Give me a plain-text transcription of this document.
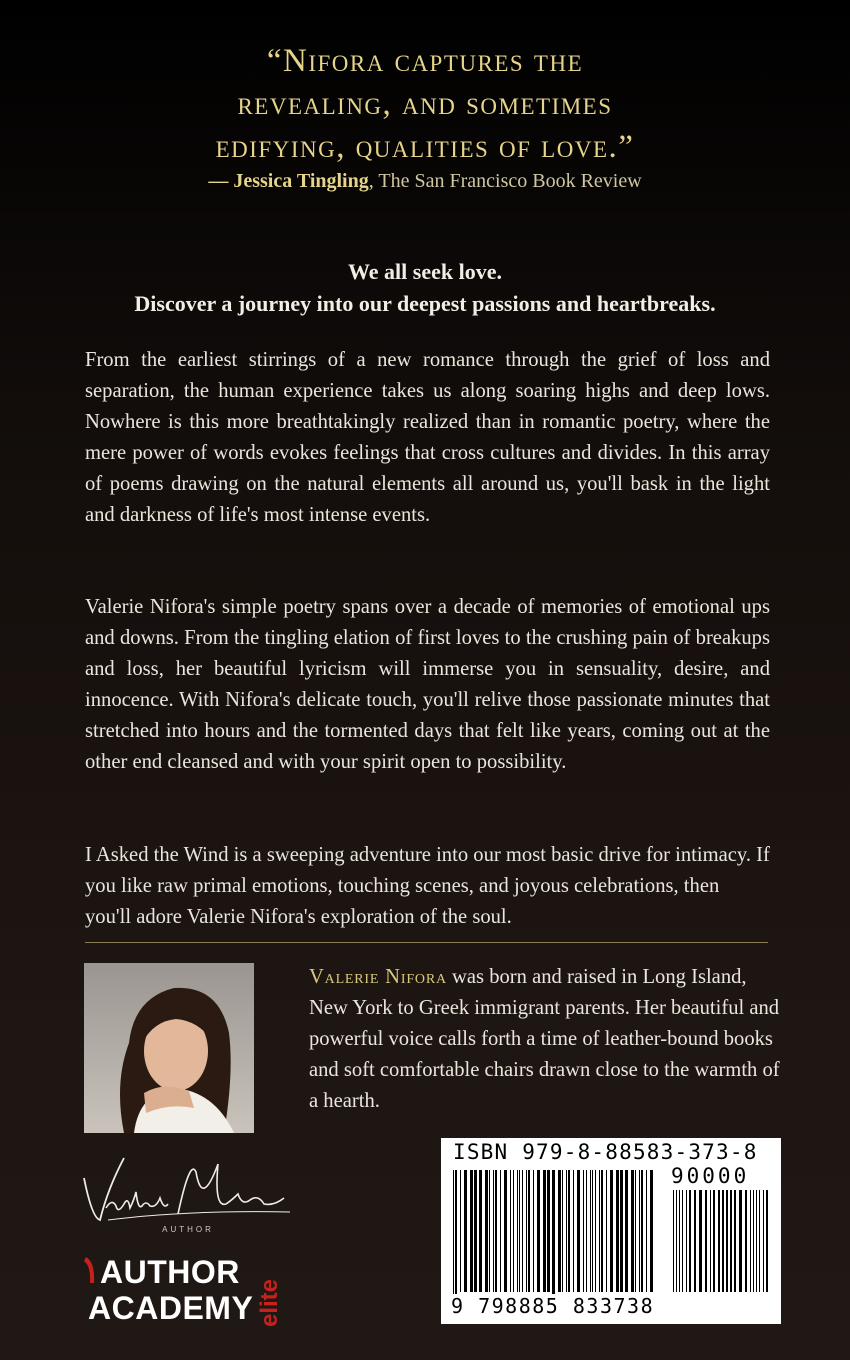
“Nifora captures the
revealing, and sometimes
edifying, qualities of love.”
— Jessica Tingling, The San Francisco Book Review
We all seek love.
Discover a journey into our deepest passions and heartbreaks.
From the earliest stirrings of a new romance through the grief of loss and separation, the human experience takes us along soaring highs and deep lows. Nowhere is this more breathtakingly realized than in romantic poetry, where the mere power of words evokes feelings that cross cultures and divides. In this array of poems drawing on the natural elements all around us, you'll bask in the light and darkness of life's most intense events.
Valerie Nifora's simple poetry spans over a decade of memories of emotional ups and downs. From the tingling elation of first loves to the crushing pain of breakups and loss, her beautiful lyricism will immerse you in sensuality, desire, and innocence. With Nifora's delicate touch, you'll relive those passionate minutes that stretched into hours and the tormented days that felt like years, coming out at the other end cleansed and with your spirit open to possibility.
I Asked the Wind is a sweeping adventure into our most basic drive for intimacy. If you like raw primal emotions, touching scenes, and joyous celebrations, then you'll adore Valerie Nifora's exploration of the soul.
Valerie Nifora was born and raised in Long Island, New York to Greek immigrant parents. Her beautiful and powerful voice calls forth a time of leather-bound books and soft comfortable chairs drawn close to the warmth of a hearth.
AUTHOR
AUTHOR
ACADEMY elite
ISBN 979-8-88583-373-8
90000
9 798885 833738
